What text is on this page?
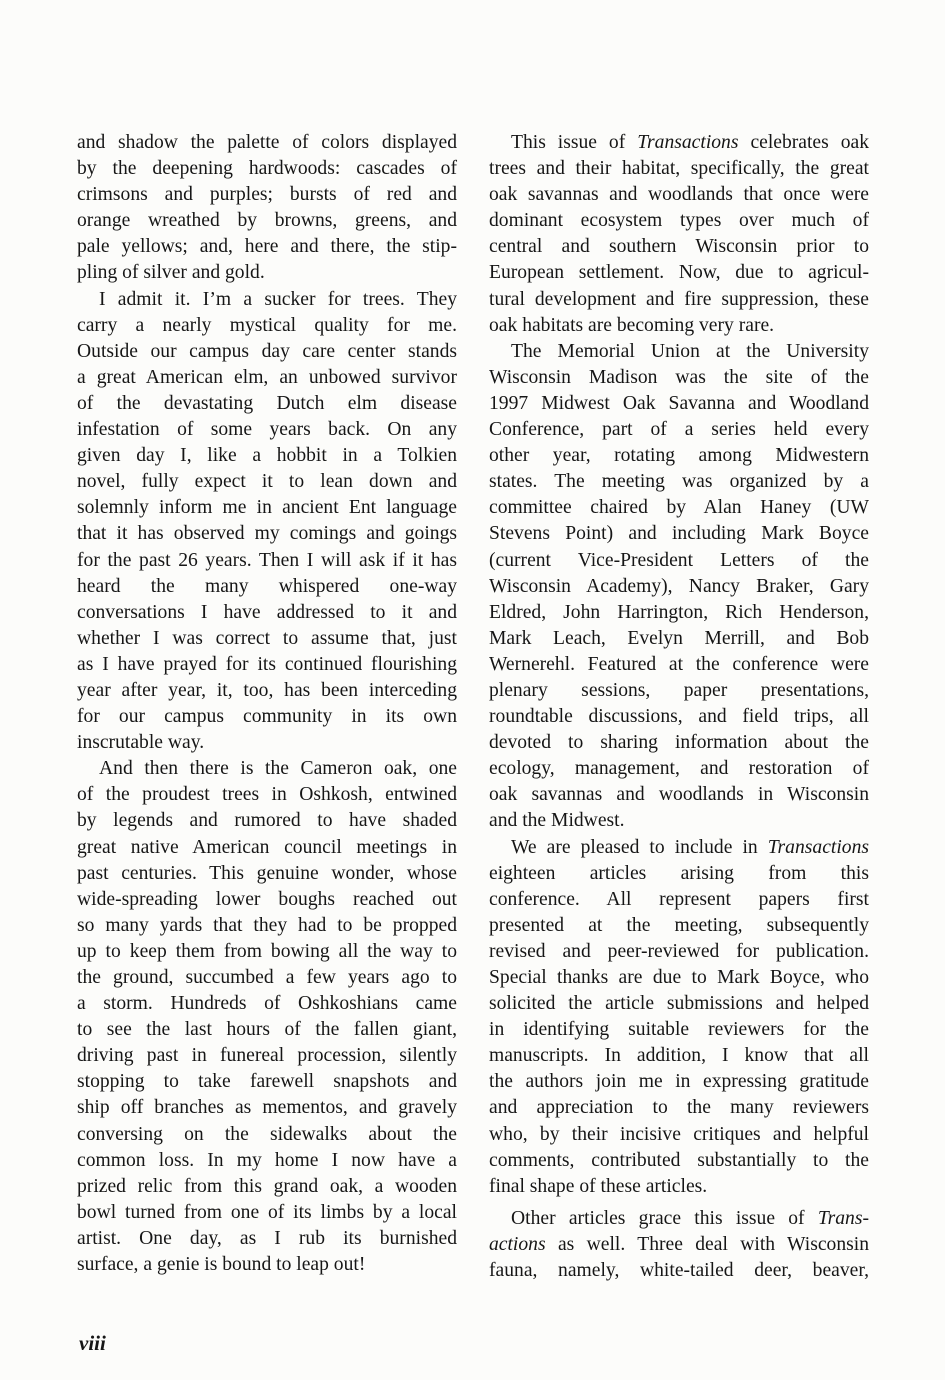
and shadow the palette of colors displayed
by the deepening hardwoods: cascades of
crimsons and purples; bursts of red and
orange wreathed by browns, greens, and
pale yellows; and, here and there, the stip-
pling of silver and gold.
I admit it. I’m a sucker for trees. They
carry a nearly mystical quality for me.
Outside our campus day care center stands
a great American elm, an unbowed survivor
of the devastating Dutch elm disease
infestation of some years back. On any
given day I, like a hobbit in a Tolkien
novel, fully expect it to lean down and
solemnly inform me in ancient Ent language
that it has observed my comings and goings
for the past 26 years. Then I will ask if it has
heard the many whispered one-way
conversations I have addressed to it and
whether I was correct to assume that, just
as I have prayed for its continued flourishing
year after year, it, too, has been interceding
for our campus community in its own
inscrutable way.
And then there is the Cameron oak, one
of the proudest trees in Oshkosh, entwined
by legends and rumored to have shaded
great native American council meetings in
past centuries. This genuine wonder, whose
wide-spreading lower boughs reached out
so many yards that they had to be propped
up to keep them from bowing all the way to
the ground, succumbed a few years ago to
a storm. Hundreds of Oshkoshians came
to see the last hours of the fallen giant,
driving past in funereal procession, silently
stopping to take farewell snapshots and
ship off branches as mementos, and gravely
conversing on the sidewalks about the
common loss. In my home I now have a
prized relic from this grand oak, a wooden
bowl turned from one of its limbs by a local
artist. One day, as I rub its burnished
surface, a genie is bound to leap out!
This issue of Transactions celebrates oak
trees and their habitat, specifically, the great
oak savannas and woodlands that once were
dominant ecosystem types over much of
central and southern Wisconsin prior to
European settlement. Now, due to agricul-
tural development and fire suppression, these
oak habitats are becoming very rare.
The Memorial Union at the University
Wisconsin Madison was the site of the
1997 Midwest Oak Savanna and Woodland
Conference, part of a series held every
other year, rotating among Midwestern
states. The meeting was organized by a
committee chaired by Alan Haney (UW
Stevens Point) and including Mark Boyce
(current Vice-President Letters of the
Wisconsin Academy), Nancy Braker, Gary
Eldred, John Harrington, Rich Henderson,
Mark Leach, Evelyn Merrill, and Bob
Wernerehl. Featured at the conference were
plenary sessions, paper presentations,
roundtable discussions, and field trips, all
devoted to sharing information about the
ecology, management, and restoration of
oak savannas and woodlands in Wisconsin
and the Midwest.
We are pleased to include in Transactions
eighteen articles arising from this
conference. All represent papers first
presented at the meeting, subsequently
revised and peer-reviewed for publication.
Special thanks are due to Mark Boyce, who
solicited the article submissions and helped
in identifying suitable reviewers for the
manuscripts. In addition, I know that all
the authors join me in expressing gratitude
and appreciation to the many reviewers
who, by their incisive critiques and helpful
comments, contributed substantially to the
final shape of these articles.
Other articles grace this issue of Trans-
actions as well. Three deal with Wisconsin
fauna, namely, white-tailed deer, beaver,
viii
